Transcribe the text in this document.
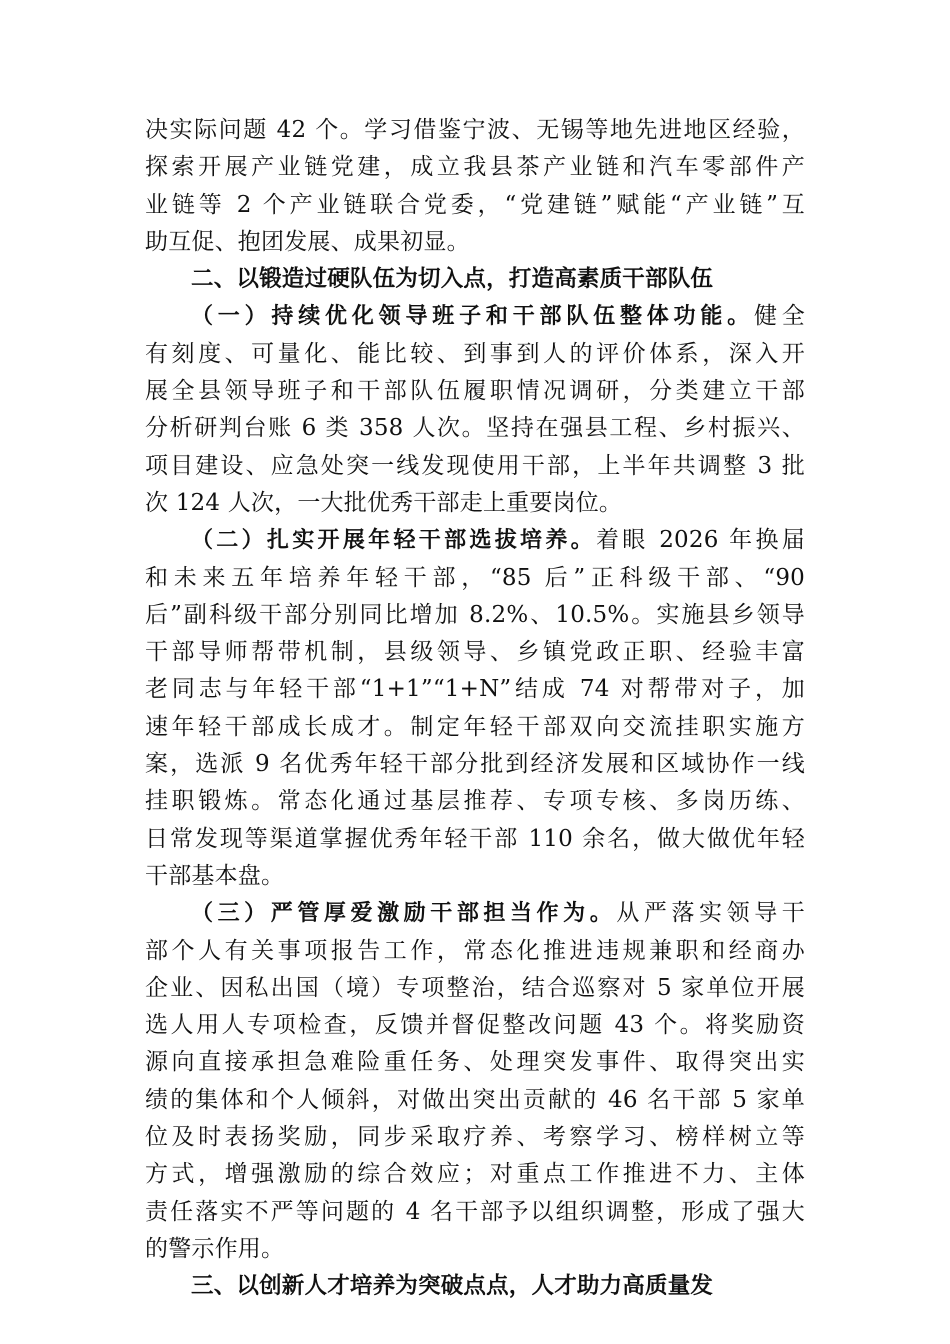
决实际问题 42 个。学习借鉴宁波、无锡等地先进地区经验，
探索开展产业链党建，成立我县茶产业链和汽车零部件产
业链等 2 个产业链联合党委，“党建链”赋能“产业链”互
助互促、抱团发展、成果初显。
二、以锻造过硬队伍为切入点，打造高素质干部队伍
（一）持续优化领导班子和干部队伍整体功能。健全
有刻度、可量化、能比较、到事到人的评价体系，深入开
展全县领导班子和干部队伍履职情况调研，分类建立干部
分析研判台账 6 类 358 人次。坚持在强县工程、乡村振兴、
项目建设、应急处突一线发现使用干部，上半年共调整 3 批
次 124 人次，一大批优秀干部走上重要岗位。
（二）扎实开展年轻干部选拔培养。着眼 2026 年换届
和未来五年培养年轻干部，“85 后”正科级干部、“90
后”副科级干部分别同比增加 8.2%、10.5%。实施县乡领导
干部导师帮带机制，县级领导、乡镇党政正职、经验丰富
老同志与年轻干部“1+1”“1+N”结成 74 对帮带对子，加
速年轻干部成长成才。制定年轻干部双向交流挂职实施方
案，选派 9 名优秀年轻干部分批到经济发展和区域协作一线
挂职锻炼。常态化通过基层推荐、专项专核、多岗历练、
日常发现等渠道掌握优秀年轻干部 110 余名，做大做优年轻
干部基本盘。
（三）严管厚爱激励干部担当作为。从严落实领导干
部个人有关事项报告工作，常态化推进违规兼职和经商办
企业、因私出国（境）专项整治，结合巡察对 5 家单位开展
选人用人专项检查，反馈并督促整改问题 43 个。将奖励资
源向直接承担急难险重任务、处理突发事件、取得突出实
绩的集体和个人倾斜，对做出突出贡献的 46 名干部 5 家单
位及时表扬奖励，同步采取疗养、考察学习、榜样树立等
方式，增强激励的综合效应；对重点工作推进不力、主体
责任落实不严等问题的 4 名干部予以组织调整，形成了强大
的警示作用。
三、以创新人才培养为突破点点，人才助力高质量发
